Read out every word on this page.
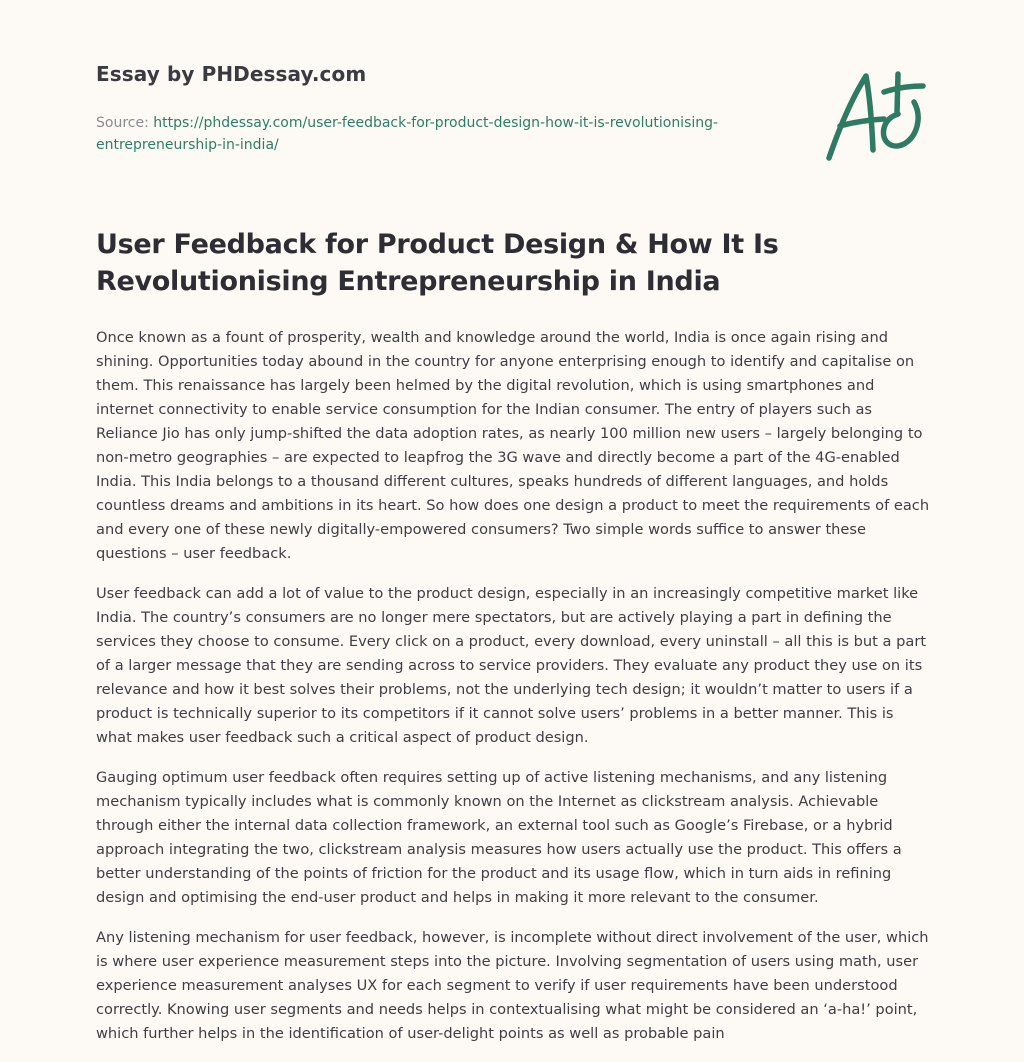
Essay by PHDessay.com
Source: https://phdessay.com/user-feedback-for-product-design-how-it-is-revolutionising-entrepreneurship-in-india/
User Feedback for Product Design & How It Is Revolutionising Entrepreneurship in India

Once known as a fount of prosperity, wealth and knowledge around the world, India is once again rising and shining. Opportunities today abound in the country for anyone enterprising enough to identify and capitalise on them. This renaissance has largely been helmed by the digital revolution, which is using smartphones and internet connectivity to enable service consumption for the Indian consumer. The entry of players such as Reliance Jio has only jump-shifted the data adoption rates, as nearly 100 million new users – largely belonging to non-metro geographies – are expected to leapfrog the 3G wave and directly become a part of the 4G-enabled India. This India belongs to a thousand different cultures, speaks hundreds of different languages, and holds countless dreams and ambitions in its heart. So how does one design a product to meet the requirements of each and every one of these newly digitally-empowered consumers? Two simple words suffice to answer these questions – user feedback.

User feedback can add a lot of value to the product design, especially in an increasingly competitive market like India. The country’s consumers are no longer mere spectators, but are actively playing a part in defining the services they choose to consume. Every click on a product, every download, every uninstall – all this is but a part of a larger message that they are sending across to service providers. They evaluate any product they use on its relevance and how it best solves their problems, not the underlying tech design; it wouldn’t matter to users if a product is technically superior to its competitors if it cannot solve users’ problems in a better manner. This is what makes user feedback such a critical aspect of product design.

Gauging optimum user feedback often requires setting up of active listening mechanisms, and any listening mechanism typically includes what is commonly known on the Internet as clickstream analysis. Achievable through either the internal data collection framework, an external tool such as Google’s Firebase, or a hybrid approach integrating the two, clickstream analysis measures how users actually use the product. This offers a better understanding of the points of friction for the product and its usage flow, which in turn aids in refining design and optimising the end-user product and helps in making it more relevant to the consumer.

Any listening mechanism for user feedback, however, is incomplete without direct involvement of the user, which is where user experience measurement steps into the picture. Involving segmentation of users using math, user experience measurement analyses UX for each segment to verify if user requirements have been understood correctly. Knowing user segments and needs helps in contextualising what might be considered an ‘a-ha!’ point, which further helps in the identification of user-delight points as well as probable pain
